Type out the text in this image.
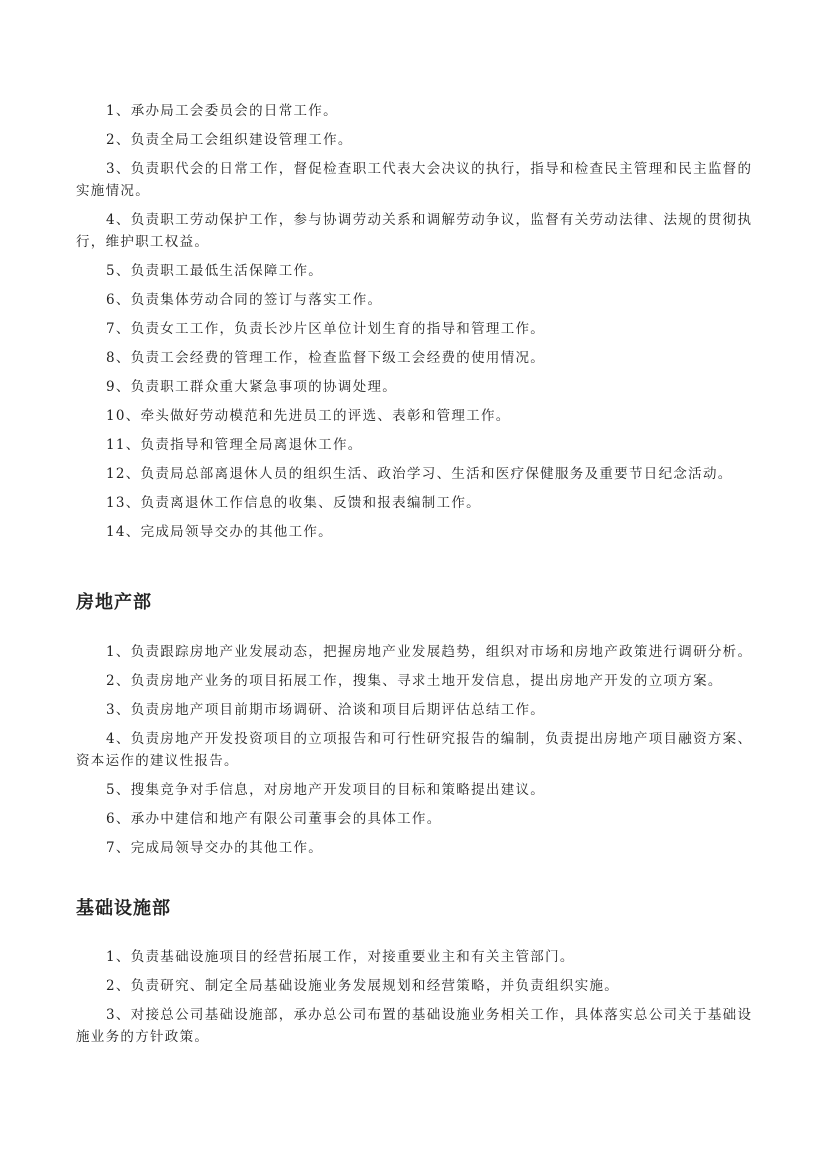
1、承办局工会委员会的日常工作。

2、负责全局工会组织建设管理工作。

3、负责职代会的日常工作，督促检查职工代表大会决议的执行，指导和检查民主管理和民主监督的实施情况。

4、负责职工劳动保护工作，参与协调劳动关系和调解劳动争议，监督有关劳动法律、法规的贯彻执行，维护职工权益。

5、负责职工最低生活保障工作。

6、负责集体劳动合同的签订与落实工作。

7、负责女工工作，负责长沙片区单位计划生育的指导和管理工作。

8、负责工会经费的管理工作，检查监督下级工会经费的使用情况。

9、负责职工群众重大紧急事项的协调处理。

10、牵头做好劳动模范和先进员工的评选、表彰和管理工作。

11、负责指导和管理全局离退休工作。

12、负责局总部离退休人员的组织生活、政治学习、生活和医疗保健服务及重要节日纪念活动。

13、负责离退休工作信息的收集、反馈和报表编制工作。

14、完成局领导交办的其他工作。

房地产部

1、负责跟踪房地产业发展动态，把握房地产业发展趋势，组织对市场和房地产政策进行调研分析。

2、负责房地产业务的项目拓展工作，搜集、寻求土地开发信息，提出房地产开发的立项方案。

3、负责房地产项目前期市场调研、洽谈和项目后期评估总结工作。

4、负责房地产开发投资项目的立项报告和可行性研究报告的编制，负责提出房地产项目融资方案、资本运作的建议性报告。

5、搜集竞争对手信息，对房地产开发项目的目标和策略提出建议。

6、承办中建信和地产有限公司董事会的具体工作。

7、完成局领导交办的其他工作。

基础设施部

1、负责基础设施项目的经营拓展工作，对接重要业主和有关主管部门。

2、负责研究、制定全局基础设施业务发展规划和经营策略，并负责组织实施。

3、对接总公司基础设施部，承办总公司布置的基础设施业务相关工作，具体落实总公司关于基础设施业务的方针政策。
